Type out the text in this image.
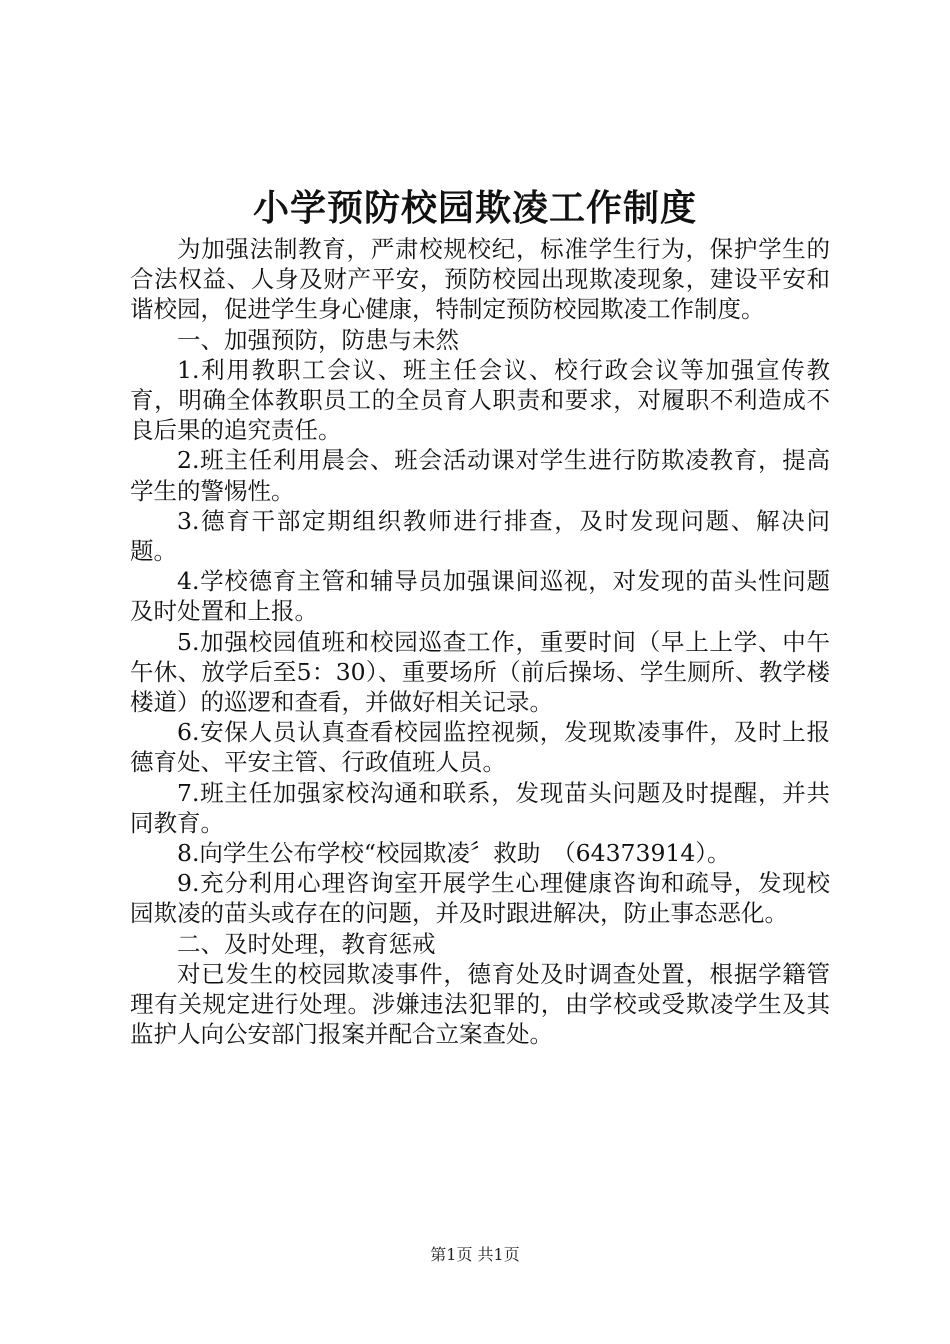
小学预防校园欺凌工作制度

为加强法制教育，严肃校规校纪，标准学生行为，保护学生的合法权益、人身及财产平安，预防校园出现欺凌现象，建设平安和谐校园，促进学生身心健康，特制定预防校园欺凌工作制度。

一、加强预防，防患与未然

1.利用教职工会议、班主任会议、校行政会议等加强宣传教育，明确全体教职员工的全员育人职责和要求，对履职不利造成不良后果的追究责任。

2.班主任利用晨会、班会活动课对学生进行防欺凌教育，提高学生的警惕性。

3.德育干部定期组织教师进行排查，及时发现问题、解决问题。

4.学校德育主管和辅导员加强课间巡视，对发现的苗头性问题及时处置和上报。

5.加强校园值班和校园巡查工作，重要时间（早上上学、中午午休、放学后至5：30）、重要场所（前后操场、学生厕所、教学楼楼道）的巡逻和查看，并做好相关记录。

6.安保人员认真查看校园监控视频，发现欺凌事件，及时上报德育处、平安主管、行政值班人员。

7.班主任加强家校沟通和联系，发现苗头问题及时提醒，并共同教育。

8.向学生公布学校“校园欺凌〞救助　（64373914）。

9.充分利用心理咨询室开展学生心理健康咨询和疏导，发现校园欺凌的苗头或存在的问题，并及时跟进解决，防止事态恶化。

二、及时处理，教育惩戒

对已发生的校园欺凌事件，德育处及时调查处置，根据学籍管理有关规定进行处理。涉嫌违法犯罪的，由学校或受欺凌学生及其监护人向公安部门报案并配合立案查处。

第1页 共1页
